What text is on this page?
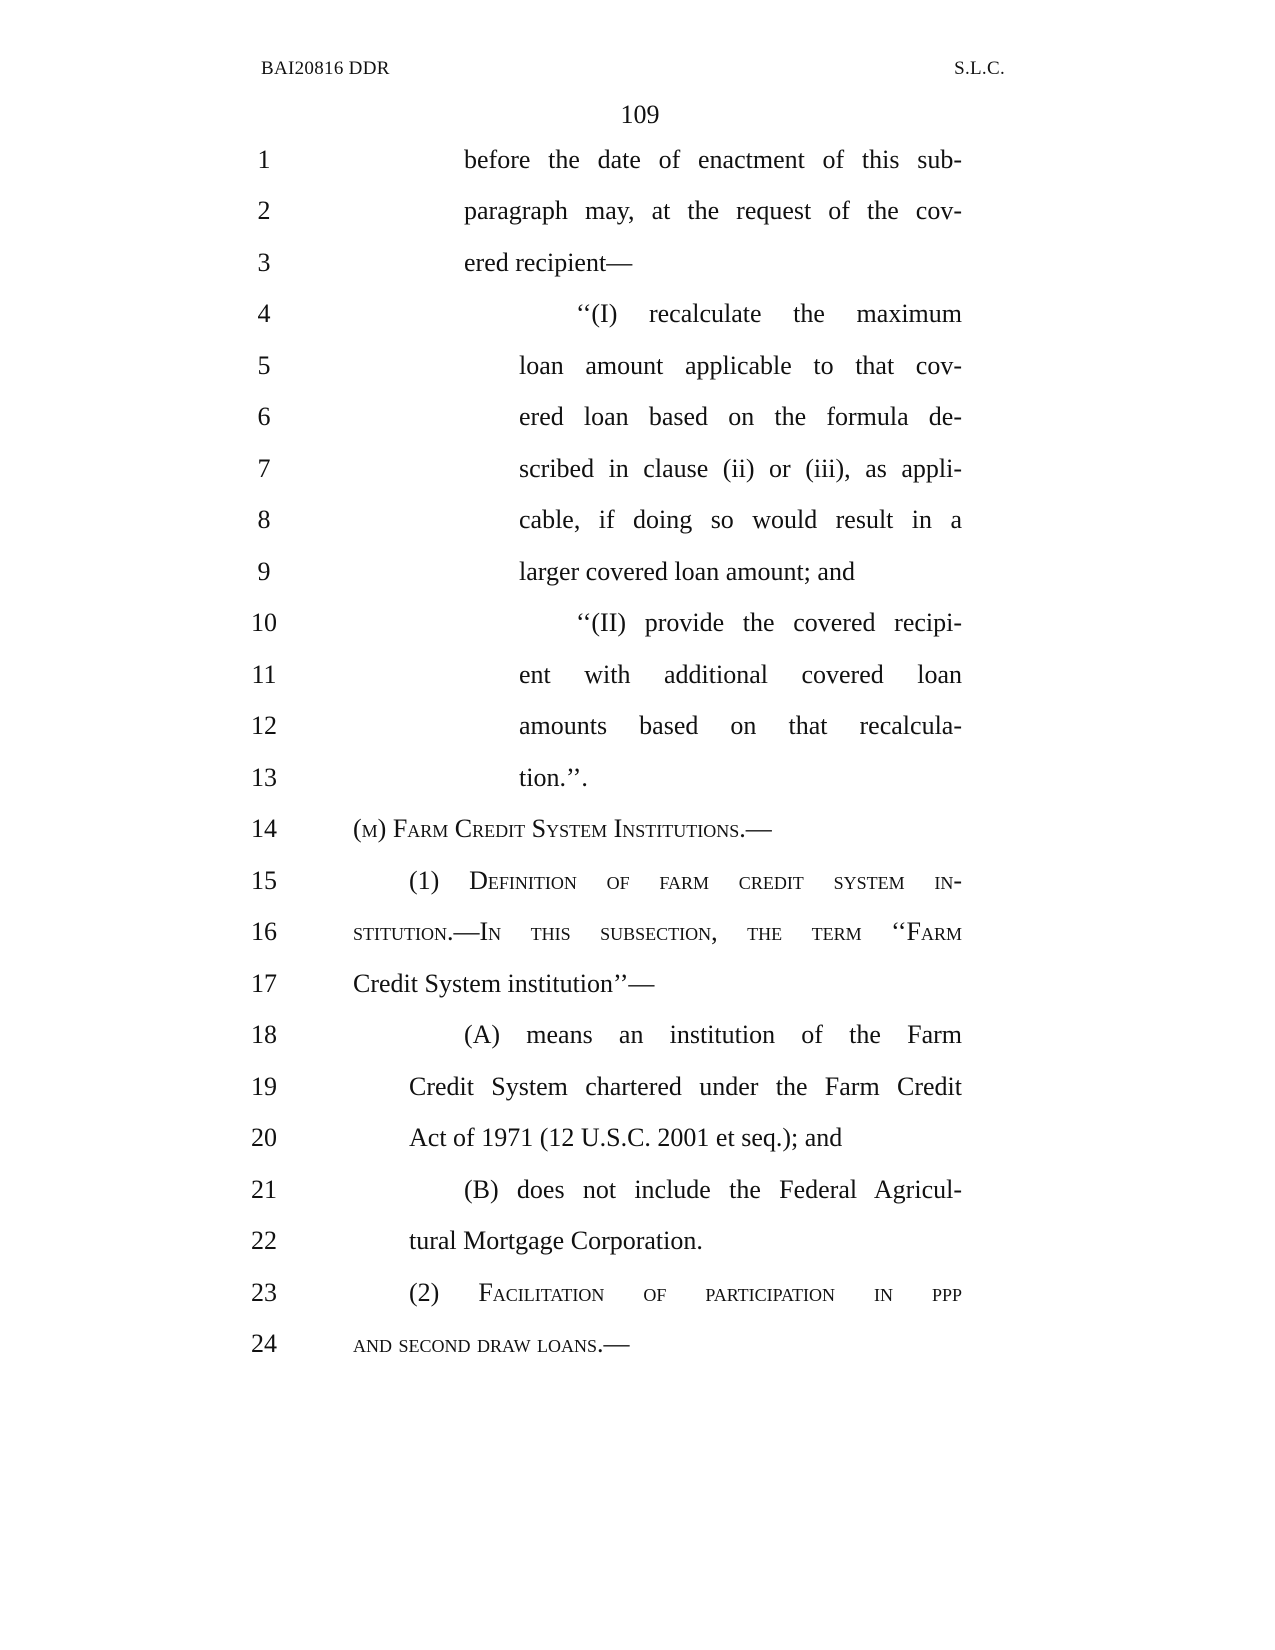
BAI20816 DDR	S.L.C.
109
1	before the date of enactment of this sub-
2	paragraph may, at the request of the cov-
3	ered recipient—
4	‘‘(I) recalculate the maximum
5	loan amount applicable to that cov-
6	ered loan based on the formula de-
7	scribed in clause (ii) or (iii), as appli-
8	cable, if doing so would result in a
9	larger covered loan amount; and
10	‘‘(II) provide the covered recipi-
11	ent with additional covered loan
12	amounts based on that recalcula-
13	tion.’’.
14	(m) Farm Credit System Institutions.—
15	(1) Definition of farm credit system in-
16	stitution.—In this subsection, the term ‘‘Farm
17	Credit System institution’’—
18	(A) means an institution of the Farm
19	Credit System chartered under the Farm Credit
20	Act of 1971 (12 U.S.C. 2001 et seq.); and
21	(B) does not include the Federal Agricul-
22	tural Mortgage Corporation.
23	(2) Facilitation of participation in ppp
24	and second draw loans.—
